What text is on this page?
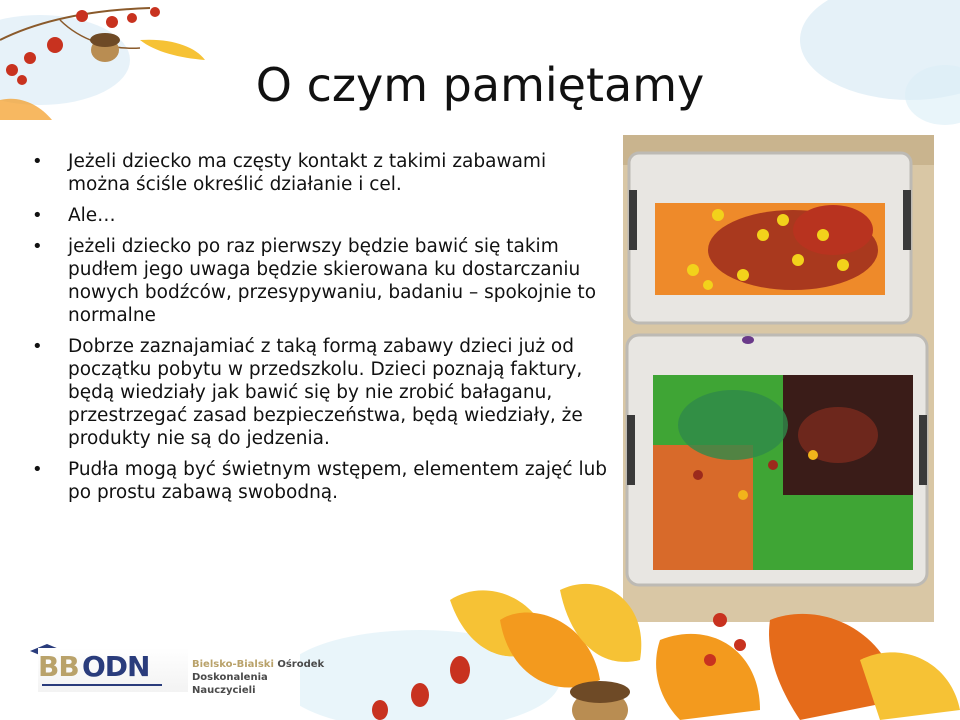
O czym pamiętamy
• Jeżeli dziecko ma częsty kontakt z takimi zabawami można ściśle określić działanie i cel.
• Ale…
• jeżeli dziecko po raz pierwszy będzie bawić się takim pudłem jego uwaga będzie skierowana ku dostarczaniu nowych bodźców, przesypywaniu, badaniu – spokojnie to normalne
• Dobrze zaznajamiać z taką formą zabawy dzieci już od początku pobytu w przedszkolu. Dzieci poznają faktury, będą wiedziały jak bawić się by nie zrobić bałaganu, przestrzegać zasad bezpieczeństwa, będą wiedziały, że produkty nie są do jedzenia.
• Pudła mogą być świetnym wstępem, elementem zajęć lub po prostu zabawą swobodną.
BB ODN	Bielsko-Bialski Ośrodek
Doskonalenia Nauczycieli
